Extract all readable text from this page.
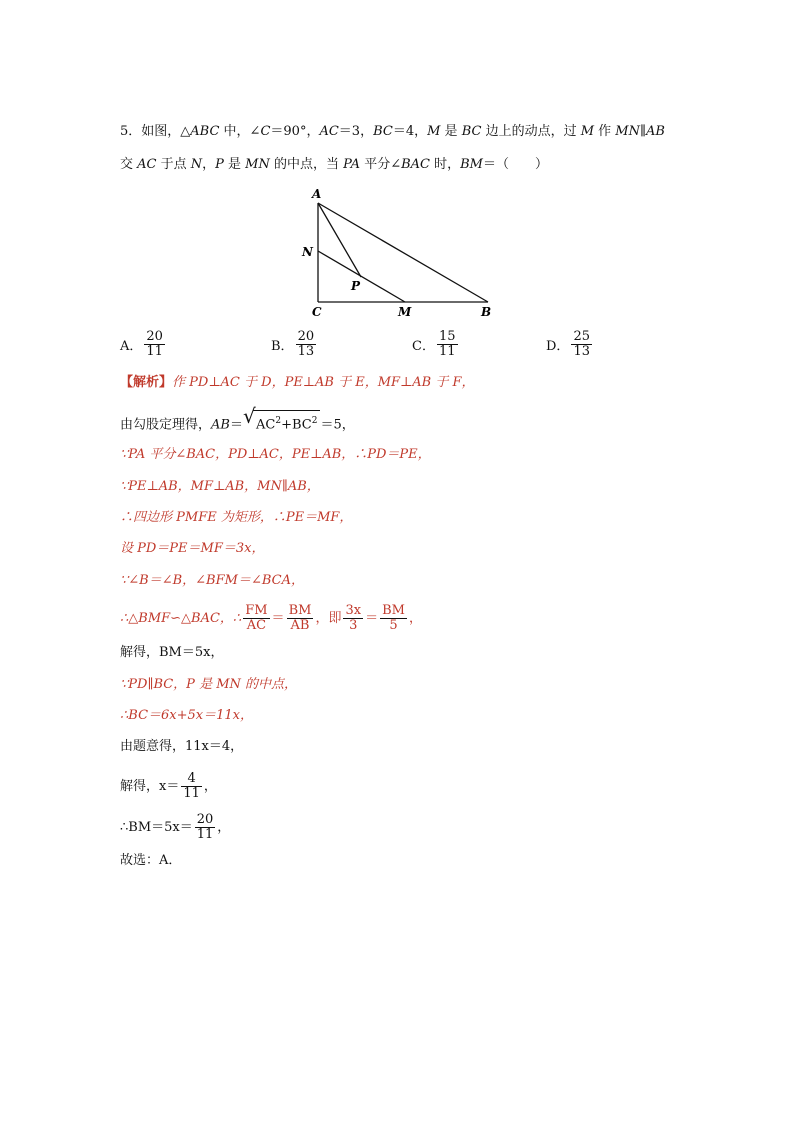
5．如图，△ABC 中，∠C＝90°，AC＝3，BC＝4，M 是 BC 边上的动点，过 M 作 MN∥AB
交 AC 于点 N，P 是 MN 的中点，当 PA 平分∠BAC 时，BM＝（　　）
A
N
P
C	M	B
A． $\frac{20}{11}$	B． $\frac{20}{13}$	C． $\frac{15}{11}$	D． $\frac{25}{13}$
【解析】作 PD⊥AC 于 D，PE⊥AB 于 E，MF⊥AB 于 F，
由勾股定理得，AB＝ √ $AC^2+BC^2 =5$，
∵PA 平分∠BAC，PD⊥AC，PE⊥AB，∴PD＝PE，
∵PE⊥AB，MF⊥AB，MN∥AB，
∴四边形 PMFE 为矩形，∴PE＝MF，
设 PD＝PE＝MF＝3x，
∵∠B＝∠B，∠BFM＝∠BCA，
∴△BMF∽△BAC，∴ $\frac{FM}{AC} = \frac{BM}{AB}$ ，即 $\frac{3x}{3} = \frac{BM}{5}$ ，
解得，BM＝5x，
∵PD∥BC，P 是 MN 的中点，
∴BC＝6x+5x＝11x，
由题意得，11x＝4，
解得，$x= \frac{4}{11}$ ，
∴BM＝5x＝ $\frac{20}{11}$ ，
故选：A．
